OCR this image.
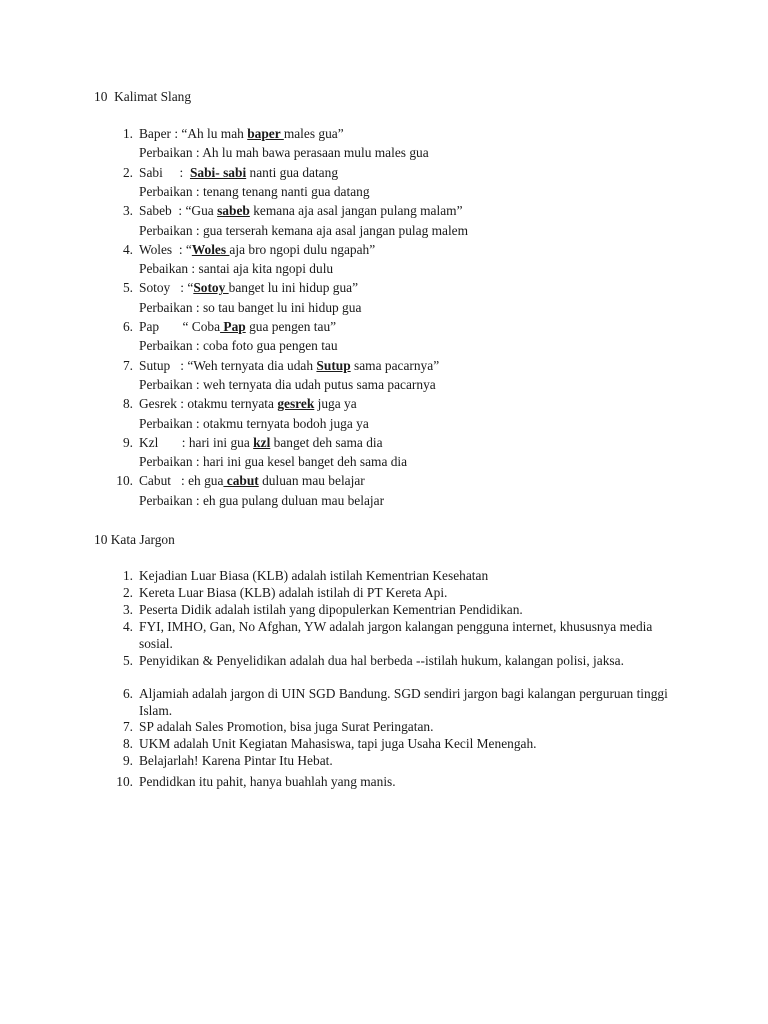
10  Kalimat Slang
1. Baper : “Ah lu mah baper males gua”
Perbaikan : Ah lu mah bawa perasaan mulu males gua
2. Sabi     :  Sabi- sabi nanti gua datang
Perbaikan : tenang tenang nanti gua datang
3. Sabeb  : “Gua sabeb kemana aja asal jangan pulang malam”
Perbaikan : gua terserah kemana aja asal jangan pulag malem
4. Woles  : “Woles aja bro ngopi dulu ngapah”
Pebaikan : santai aja kita ngopi dulu
5. Sotoy   : “Sotoy banget lu ini hidup gua”
Perbaikan : so tau banget lu ini hidup gua
6. Pap       “ Coba Pap gua pengen tau”
Perbaikan : coba foto gua pengen tau
7. Sutup   : “Weh ternyata dia udah Sutup sama pacarnya”
Perbaikan : weh ternyata dia udah putus sama pacarnya
8. Gesrek : otakmu ternyata gesrek juga ya
Perbaikan : otakmu ternyata bodoh juga ya
9. Kzl       : hari ini gua kzl banget deh sama dia
Perbaikan : hari ini gua kesel banget deh sama dia
10. Cabut   : eh gua cabut duluan mau belajar
Perbaikan : eh gua pulang duluan mau belajar
10 Kata Jargon
1. Kejadian Luar Biasa (KLB) adalah istilah Kementrian Kesehatan
2. Kereta Luar Biasa (KLB) adalah istilah di PT Kereta Api.
3. Peserta Didik adalah istilah yang dipopulerkan Kementrian Pendidikan.
4. FYI, IMHO, Gan, No Afghan, YW adalah jargon kalangan pengguna internet, khususnya media sosial.
5. Penyidikan & Penyelidikan adalah dua hal berbeda --istilah hukum, kalangan polisi, jaksa.
6. Aljamiah adalah jargon di UIN SGD Bandung. SGD sendiri jargon bagi kalangan perguruan tinggi Islam.
7. SP adalah Sales Promotion, bisa juga Surat Peringatan.
8. UKM adalah Unit Kegiatan Mahasiswa, tapi juga Usaha Kecil Menengah.
9. Belajarlah! Karena Pintar Itu Hebat.
10. Pendidkan itu pahit, hanya buahlah yang manis.
